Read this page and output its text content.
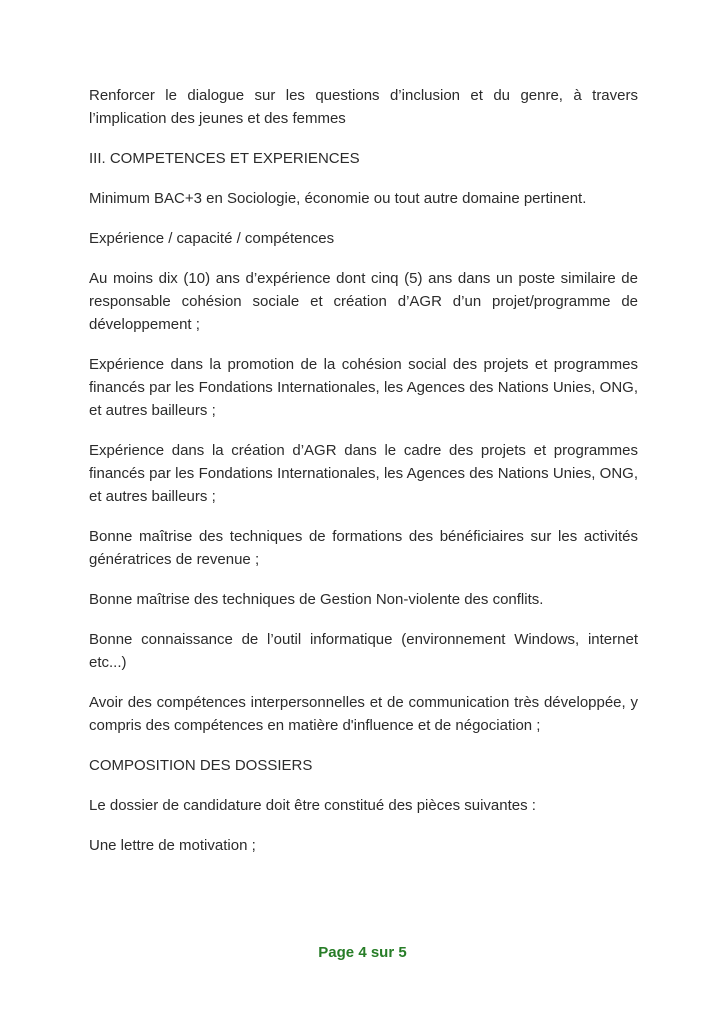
Renforcer le dialogue sur les questions d’inclusion et du genre, à travers l’implication des jeunes et des femmes

III. COMPETENCES ET EXPERIENCES

Minimum BAC+3 en Sociologie, économie ou tout autre domaine pertinent.

Expérience / capacité / compétences

Au moins dix (10) ans d’expérience dont cinq (5) ans dans un poste similaire de responsable cohésion sociale et création d’AGR d’un projet/programme de développement ;

Expérience dans la promotion de la cohésion social des projets et programmes financés par les Fondations Internationales, les Agences des Nations Unies, ONG, et autres bailleurs ;

Expérience dans la création d’AGR dans le cadre des projets et programmes financés par les Fondations Internationales, les Agences des Nations Unies, ONG, et autres bailleurs ;

Bonne maîtrise des techniques de formations des bénéficiaires sur les activités génératrices de revenue ;

Bonne maîtrise des techniques de Gestion Non-violente des conflits.

Bonne connaissance de l’outil informatique (environnement Windows, internet etc...)

Avoir des compétences interpersonnelles et de communication très développée, y compris des compétences en matière d'influence et de négociation ;

COMPOSITION DES DOSSIERS

Le dossier de candidature doit être constitué des pièces suivantes :

Une lettre de motivation ;

Page 4 sur 5
